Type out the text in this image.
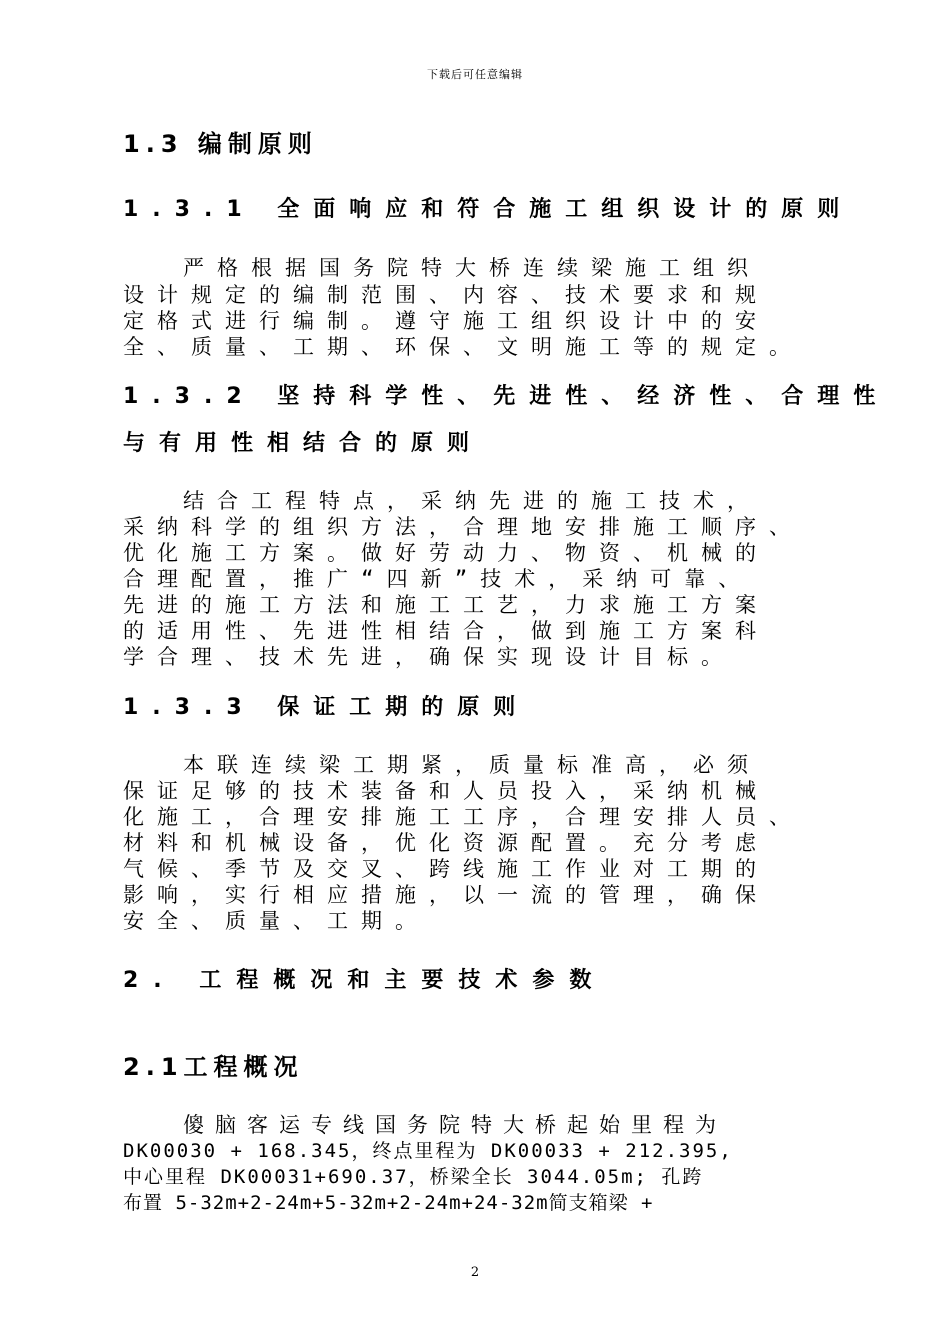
下载后可任意编辑
1.3 编制原则
1.3.1 全面响应和符合施工组织设计的原则
严格根据国务院特大桥连续梁施工组织
设计规定的编制范围、内容、技术要求和规
定格式进行编制。遵守施工组织设计中的安
全、质量、工期、环保、文明施工等的规定。
1.3.2 坚持科学性、先进性、经济性、合理性
与有用性相结合的原则
结合工程特点，采纳先进的施工技术，
采纳科学的组织方法，合理地安排施工顺序、
优化施工方案。做好劳动力、物资、机械的
合理配置，推广“四新”技术，采纳可靠、
先进的施工方法和施工工艺，力求施工方案
的适用性、先进性相结合，做到施工方案科
学合理、技术先进，确保实现设计目标。
1.3.3 保证工期的原则
本联连续梁工期紧，质量标准高，必须
保证足够的技术装备和人员投入，采纳机械
化施工，合理安排施工工序，合理安排人员、
材料和机械设备，优化资源配置。充分考虑
气候、季节及交叉、跨线施工作业对工期的
影响，实行相应措施，以一流的管理，确保
安全、质量、工期。
2. 工程概况和主要技术参数
2.1工程概况
傻脑客运专线国务院特大桥起始里程为
DK00030 + 168.345，终点里程为 DK00033 + 212.395,
中心里程 DK00031+690.37，桥梁全长 3044.05m; 孔跨
布置 5-32m+2-24m+5-32m+2-24m+24-32m简支箱梁 +
2
